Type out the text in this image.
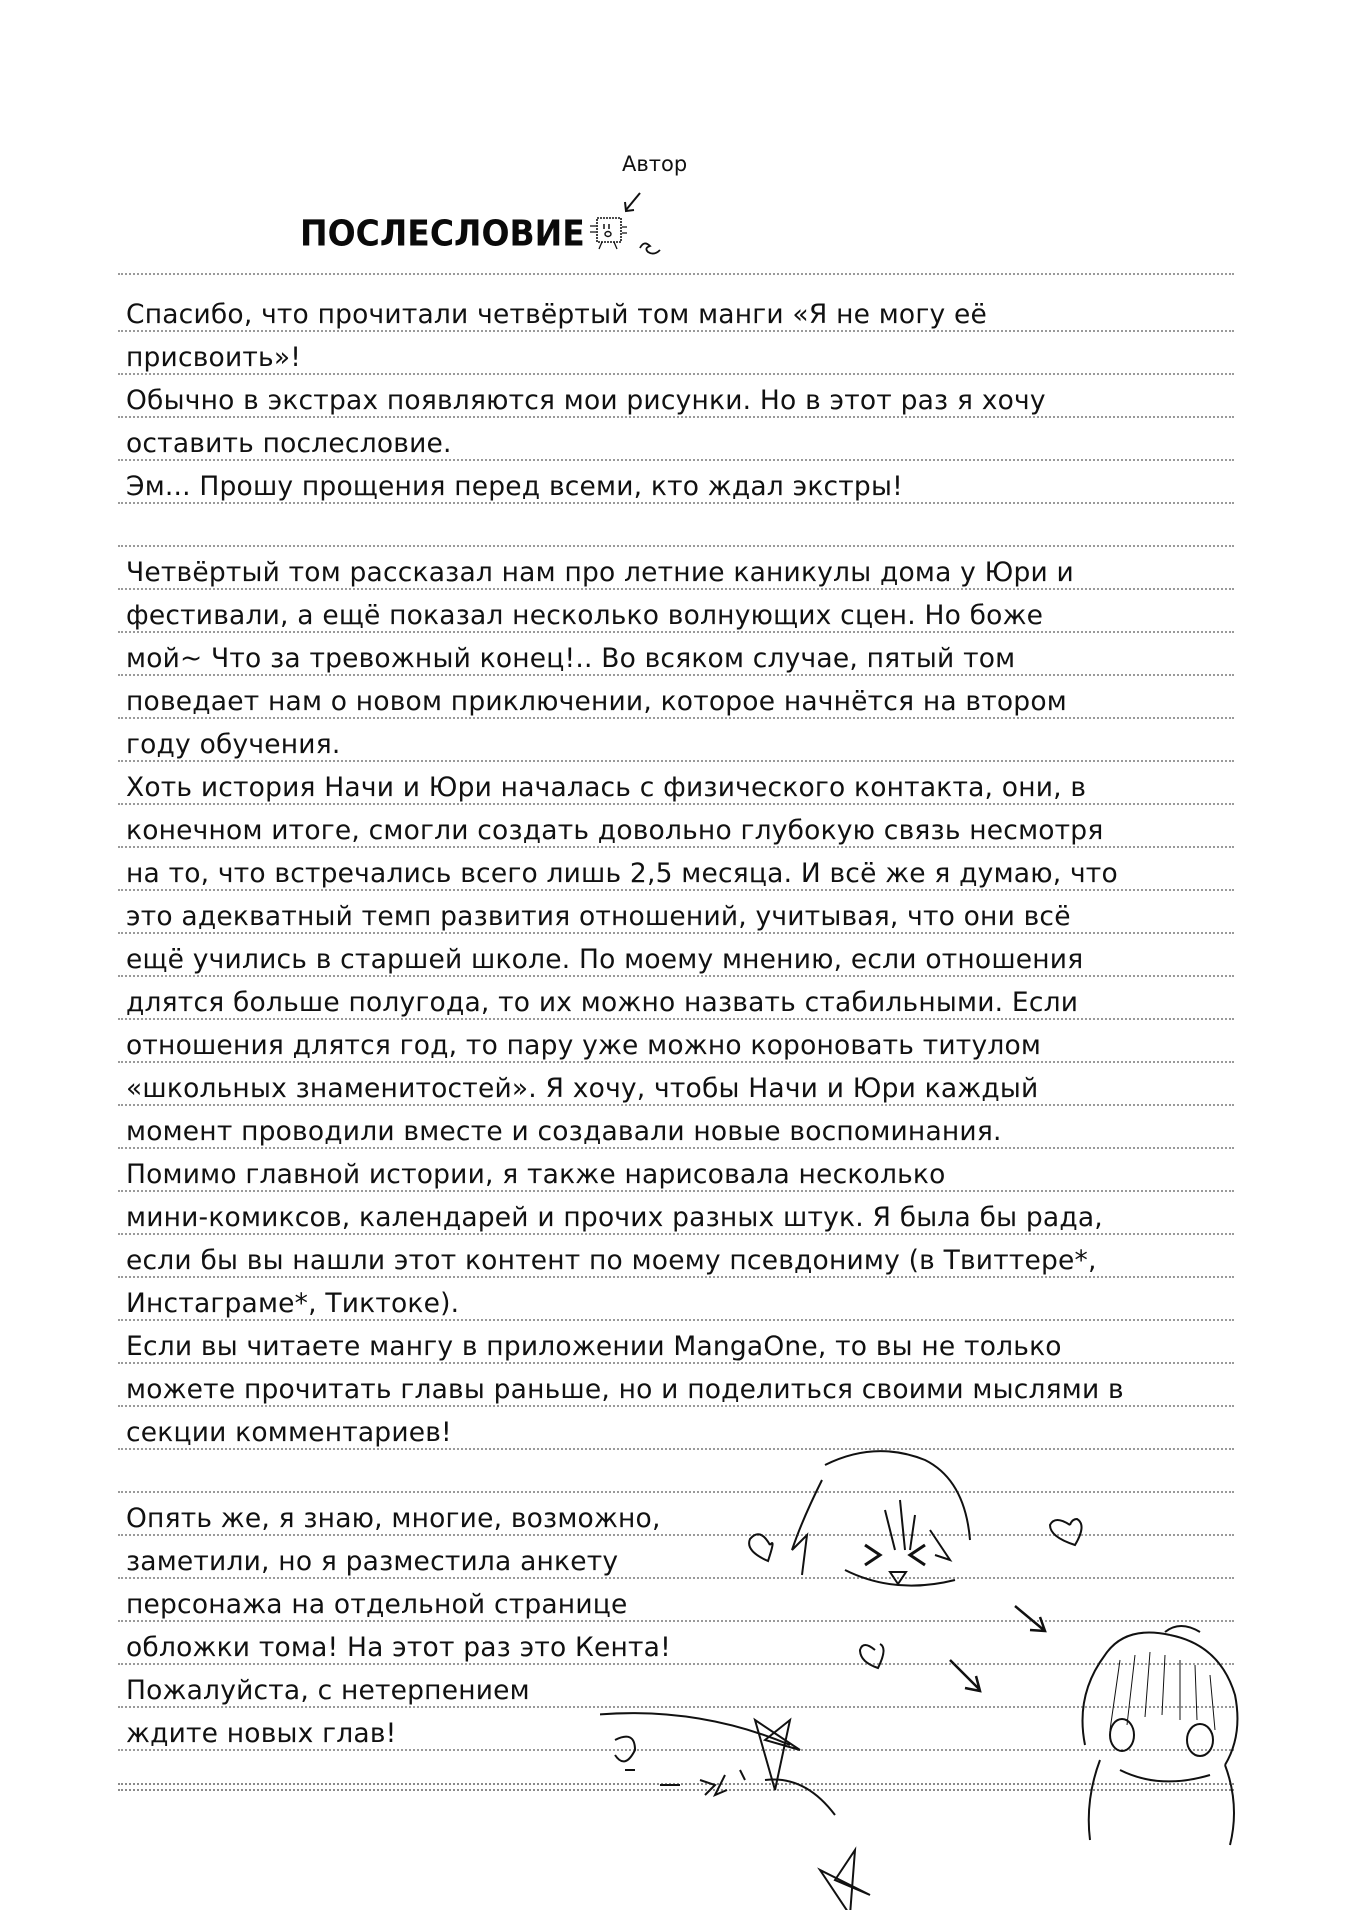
Автор
ПОСЛЕСЛОВИЕ
Спасибо, что прочитали четвёртый том манги «Я не могу её
присвоить»!
Обычно в экстрах появляются мои рисунки. Но в этот раз я хочу
оставить послесловие.
Эм... Прошу прощения перед всеми, кто ждал экстры!
Четвёртый том рассказал нам про летние каникулы дома у Юри и
фестивали, а ещё показал несколько волнующих сцен. Но боже
мой~ Что за тревожный конец!.. Во всяком случае, пятый том
поведает нам о новом приключении, которое начнётся на втором
году обучения.
Хоть история Начи и Юри началась с физического контакта, они, в
конечном итоге, смогли создать довольно глубокую связь несмотря
на то, что встречались всего лишь 2,5 месяца. И всё же я думаю, что
это адекватный темп развития отношений, учитывая, что они всё
ещё учились в старшей школе. По моему мнению, если отношения
длятся больше полугода, то их можно назвать стабильными. Если
отношения длятся год, то пару уже можно короновать титулом
«школьных знаменитостей». Я хочу, чтобы Начи и Юри каждый
момент проводили вместе и создавали новые воспоминания.
Помимо главной истории, я также нарисовала несколько
мини-комиксов, календарей и прочих разных штук. Я была бы рада,
если бы вы нашли этот контент по моему псевдониму (в Твиттере*,
Инстаграме*, Тиктоке).
Если вы читаете мангу в приложении MangaOne, то вы не только
можете прочитать главы раньше, но и поделиться своими мыслями в
секции комментариев!
Опять же, я знаю, многие, возможно,
заметили, но я разместила анкету
персонажа на отдельной странице
обложки тома! На этот раз это Кента!
Пожалуйста, с нетерпением
ждите новых глав!
